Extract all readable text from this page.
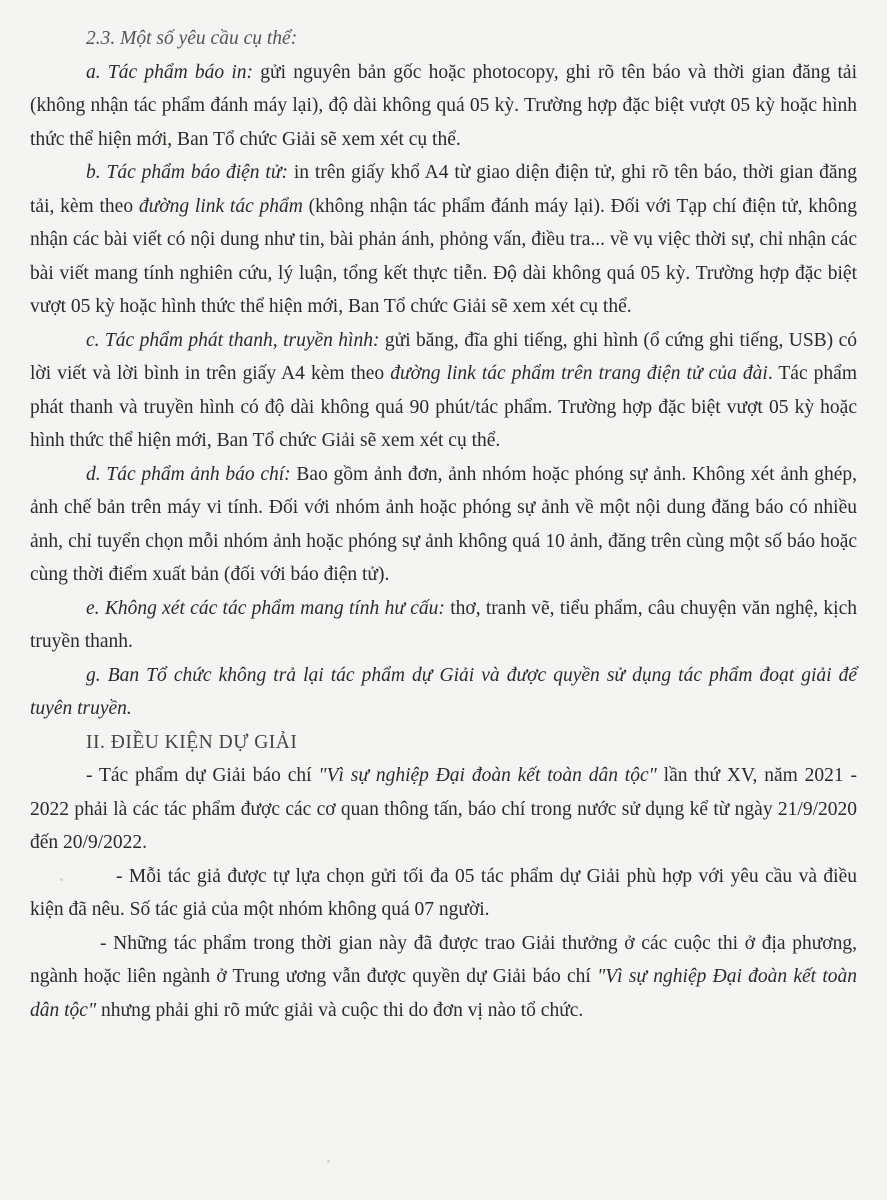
2.3. Một số yêu cầu cụ thể:

a. Tác phẩm báo in: gửi nguyên bản gốc hoặc photocopy, ghi rõ tên báo và thời gian đăng tải (không nhận tác phẩm đánh máy lại), độ dài không quá 05 kỳ. Trường hợp đặc biệt vượt 05 kỳ hoặc hình thức thể hiện mới, Ban Tổ chức Giải sẽ xem xét cụ thể.

b. Tác phẩm báo điện tử: in trên giấy khổ A4 từ giao diện điện tử, ghi rõ tên báo, thời gian đăng tải, kèm theo đường link tác phẩm (không nhận tác phẩm đánh máy lại). Đối với Tạp chí điện tử, không nhận các bài viết có nội dung như tin, bài phản ánh, phỏng vấn, điều tra... về vụ việc thời sự, chỉ nhận các bài viết mang tính nghiên cứu, lý luận, tổng kết thực tiễn. Độ dài không quá 05 kỳ. Trường hợp đặc biệt vượt 05 kỳ hoặc hình thức thể hiện mới, Ban Tổ chức Giải sẽ xem xét cụ thể.

c. Tác phẩm phát thanh, truyền hình: gửi băng, đĩa ghi tiếng, ghi hình (ổ cứng ghi tiếng, USB) có lời viết và lời bình in trên giấy A4 kèm theo đường link tác phẩm trên trang điện tử của đài. Tác phẩm phát thanh và truyền hình có độ dài không quá 90 phút/tác phẩm. Trường hợp đặc biệt vượt 05 kỳ hoặc hình thức thể hiện mới, Ban Tổ chức Giải sẽ xem xét cụ thể.

d. Tác phẩm ảnh báo chí: Bao gồm ảnh đơn, ảnh nhóm hoặc phóng sự ảnh. Không xét ảnh ghép, ảnh chế bản trên máy vi tính. Đối với nhóm ảnh hoặc phóng sự ảnh về một nội dung đăng báo có nhiều ảnh, chỉ tuyển chọn mỗi nhóm ảnh hoặc phóng sự ảnh không quá 10 ảnh, đăng trên cùng một số báo hoặc cùng thời điểm xuất bản (đối với báo điện tử).

e. Không xét các tác phẩm mang tính hư cấu: thơ, tranh vẽ, tiểu phẩm, câu chuyện văn nghệ, kịch truyền thanh.

g. Ban Tổ chức không trả lại tác phẩm dự Giải và được quyền sử dụng tác phẩm đoạt giải để tuyên truyền.

II. ĐIỀU KIỆN DỰ GIẢI

- Tác phẩm dự Giải báo chí "Vì sự nghiệp Đại đoàn kết toàn dân tộc" lần thứ XV, năm 2021 - 2022 phải là các tác phẩm được các cơ quan thông tấn, báo chí trong nước sử dụng kể từ ngày 21/9/2020 đến 20/9/2022.

- Mỗi tác giả được tự lựa chọn gửi tối đa 05 tác phẩm dự Giải phù hợp với yêu cầu và điều kiện đã nêu. Số tác giả của một nhóm không quá 07 người.

- Những tác phẩm trong thời gian này đã được trao Giải thưởng ở các cuộc thi ở địa phương, ngành hoặc liên ngành ở Trung ương vẫn được quyền dự Giải báo chí "Vì sự nghiệp Đại đoàn kết toàn dân tộc" nhưng phải ghi rõ mức giải và cuộc thi do đơn vị nào tổ chức.
